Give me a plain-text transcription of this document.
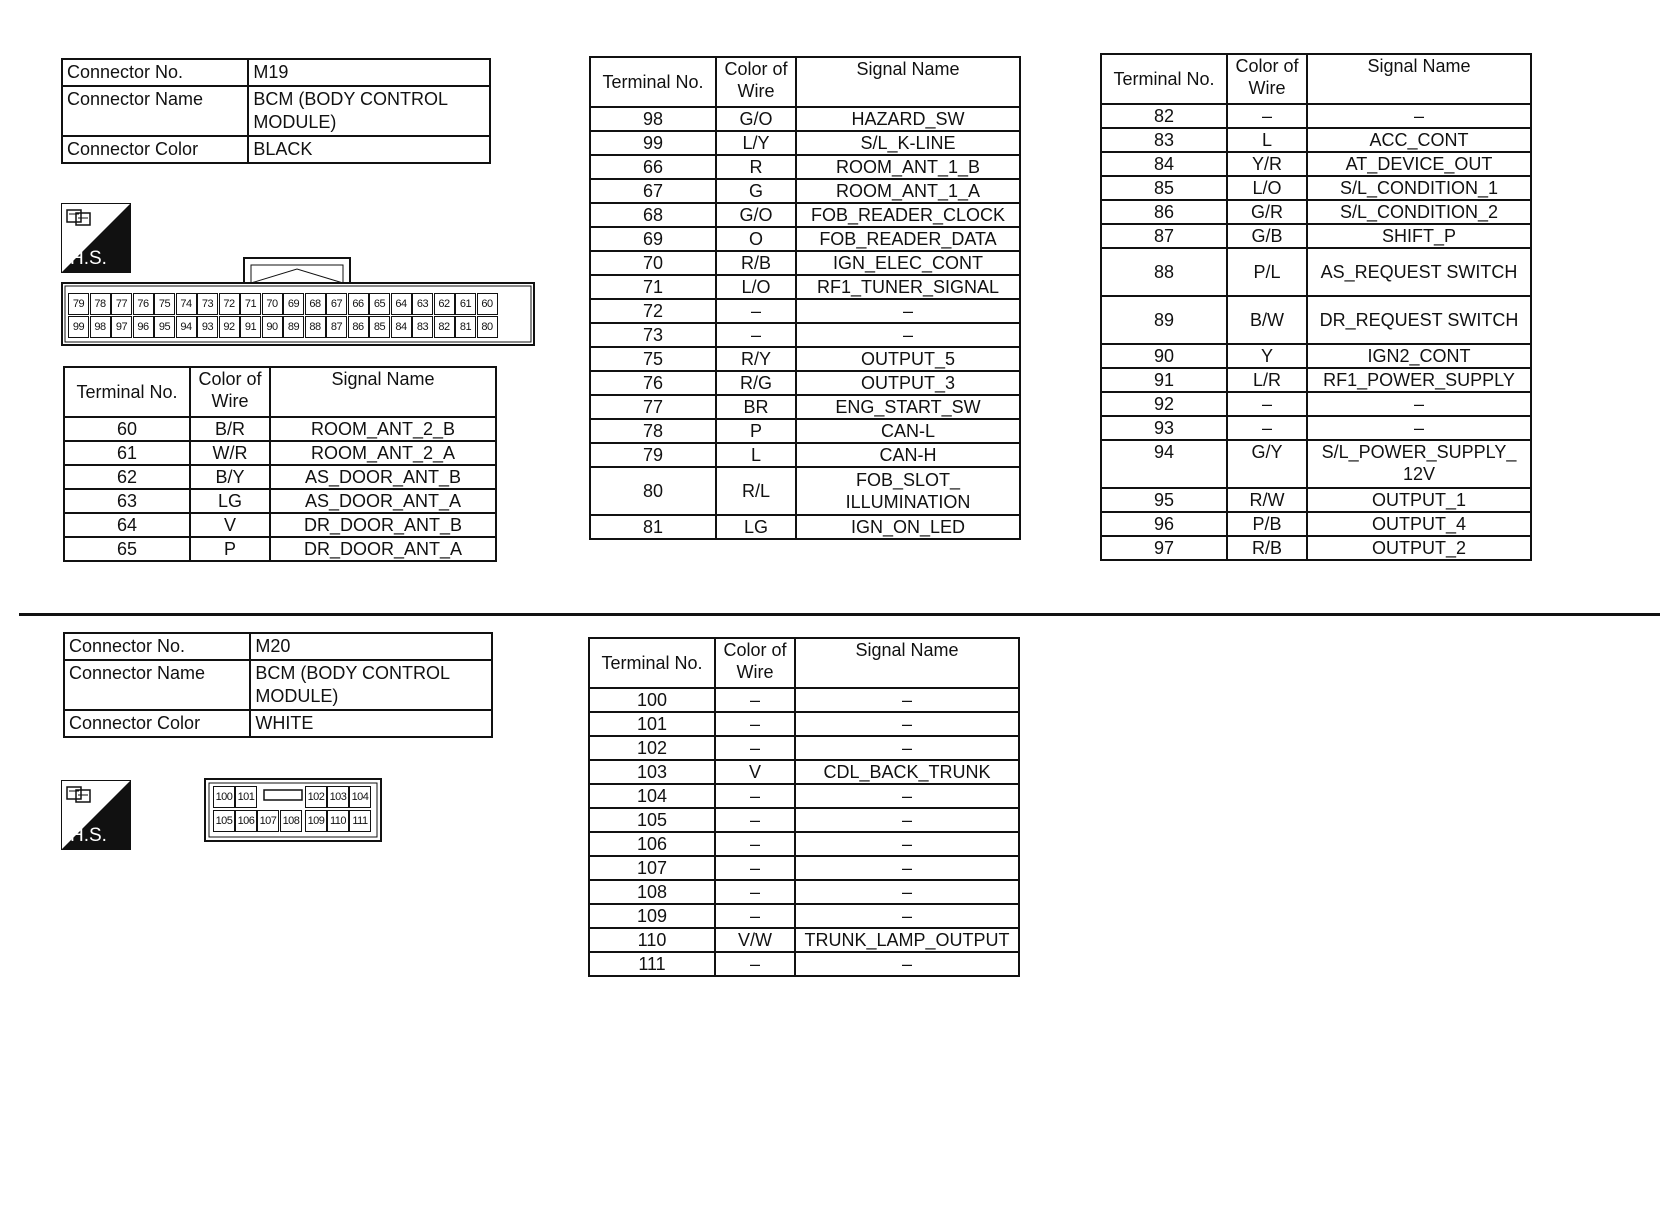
Connector No.	M19
Connector Name	BCM (BODY CONTROL MODULE)
Connector Color	BLACK
H.S.
79 78 77 76 75 74 73 72 71 70 69 68 67 66 65 64 63 62 61 60
99 98 97 96 95 94 93 92 91 90 89 88 87 86 85 84 83 82 81 80
Terminal No.	Color of Wire	Signal Name
60	B/R	ROOM_ANT_2_B
61	W/R	ROOM_ANT_2_A
62	B/Y	AS_DOOR_ANT_B
63	LG	AS_DOOR_ANT_A
64	V	DR_DOOR_ANT_B
65	P	DR_DOOR_ANT_A
Terminal No.	Color of Wire	Signal Name
98	G/O	HAZARD_SW
99	L/Y	S/L_K-LINE
66	R	ROOM_ANT_1_B
67	G	ROOM_ANT_1_A
68	G/O	FOB_READER_CLOCK
69	O	FOB_READER_DATA
70	R/B	IGN_ELEC_CONT
71	L/O	RF1_TUNER_SIGNAL
72	–	–
73	–	–
75	R/Y	OUTPUT_5
76	R/G	OUTPUT_3
77	BR	ENG_START_SW
78	P	CAN-L
79	L	CAN-H
80	R/L	FOB_SLOT_ ILLUMINATION
81	LG	IGN_ON_LED
Terminal No.	Color of Wire	Signal Name
82	–	–
83	L	ACC_CONT
84	Y/R	AT_DEVICE_OUT
85	L/O	S/L_CONDITION_1
86	G/R	S/L_CONDITION_2
87	G/B	SHIFT_P
88	P/L	AS_REQUEST SWITCH
89	B/W	DR_REQUEST SWITCH
90	Y	IGN2_CONT
91	L/R	RF1_POWER_SUPPLY
92	–	–
93	–	–
94	G/Y	S/L_POWER_SUPPLY_ 12V
95	R/W	OUTPUT_1
96	P/B	OUTPUT_4
97	R/B	OUTPUT_2
Connector No.	M20
Connector Name	BCM (BODY CONTROL MODULE)
Connector Color	WHITE
H.S.
100 101	102 103 104
105 106 107 108 109 110 111
Terminal No.	Color of Wire	Signal Name
100	–	–
101	–	–
102	–	–
103	V	CDL_BACK_TRUNK
104	–	–
105	–	–
106	–	–
107	–	–
108	–	–
109	–	–
110	V/W	TRUNK_LAMP_OUTPUT
111	–	–
